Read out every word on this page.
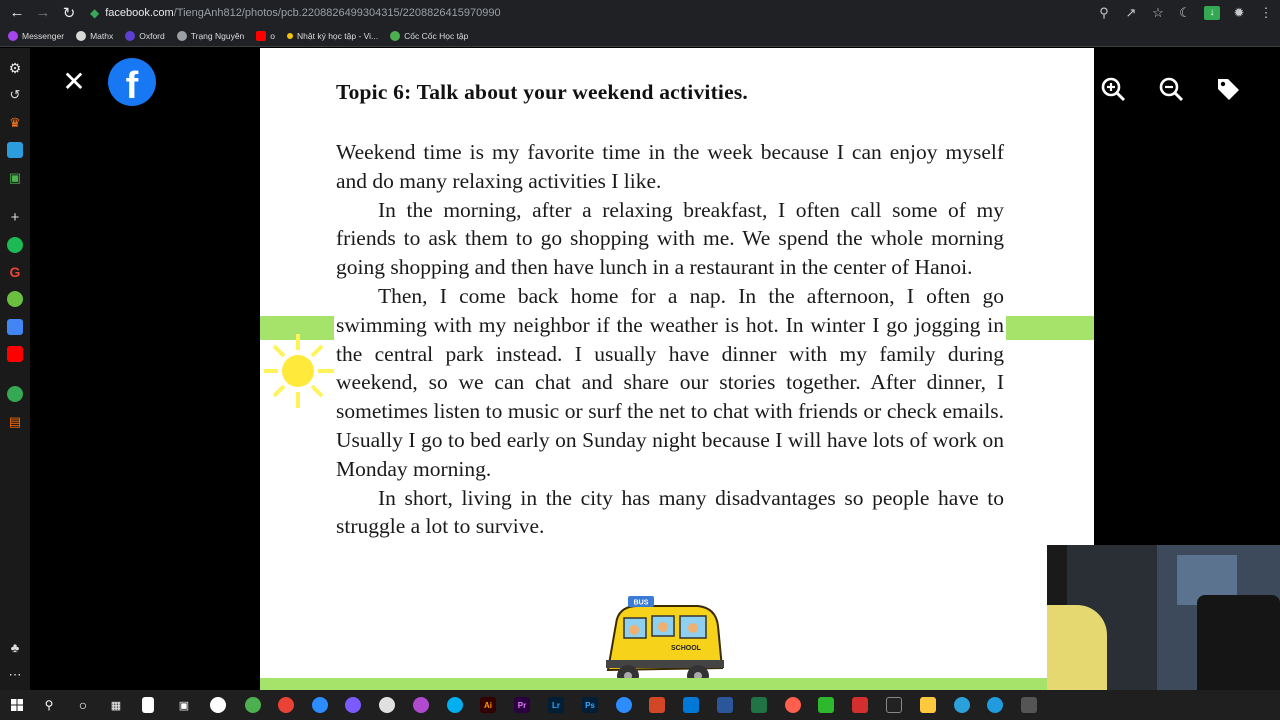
← → ↻	◆ facebook.com /TiengAnh812/photos/pcb.2208826499304315/2208826415970990	⚲ ↗ ☆ ☾	↓	✹ ⋮
Messenger	Mathx	Oxford	Trạng Nguyên	o	Nhật ký học tập - Vi...	Cốc Cốc Học tập
⚙
↺
♛
▣
+
G
▤
♣
⋯
✕	f	Topic 6: Talk about your weekend activities.

Weekend time is my favorite time in the week because I can enjoy myself and do many relaxing activities I like.

In the morning, after a relaxing breakfast, I often call some of my friends to ask them to go shopping with me. We spend the whole morning going shopping and then have lunch in a restaurant in the center of Hanoi.

Then, I come back home for a nap. In the afternoon, I often go swimming with my neighbor if the weather is hot. In winter I go jogging in the central park instead. I usually have dinner with my family during weekend, so we can chat and share our stories together. After dinner, I sometimes listen to music or surf the net to chat with friends or check emails. Usually I go to bed early on Sunday night because I will have lots of work on Monday morning.

In short, living in the city has many disadvantages so people have to struggle a lot to survive.

BUS
SCHOOL
⚲ ○	▦	▣	Ai	Pr	Lr	Ps
